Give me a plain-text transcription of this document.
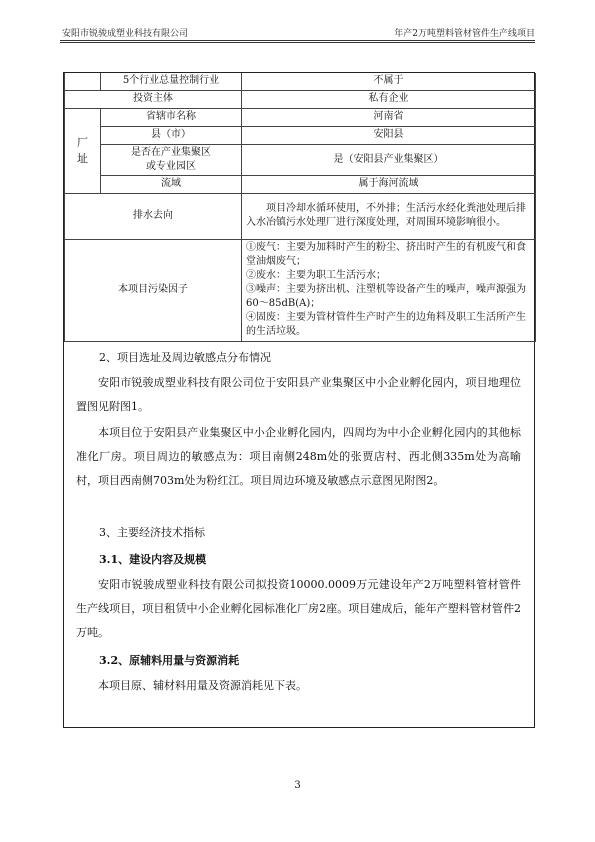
安阳市锐骏成塑业科技有限公司	年产2万吨塑料管材管件生产线项目
	5个行业总量控制行业	不属于
投资主体		私有企业
厂址	省辖市名称	河南省
	县（市）	安阳县
	是否在产业集聚区
或专业园区	是（安阳县产业集聚区）
	流域	属于海河流域
排水去向		项目冷却水循环使用，不外排；生活污水经化粪池处理后排入水冶镇污水处理厂进行深度处理，对周围环境影响很小。
本项目污染因子		①废气：主要为加料时产生的粉尘、挤出时产生的有机废气和食堂油烟废气；
②废水：主要为职工生活污水；
③噪声：主要为挤出机、注塑机等设备产生的噪声，噪声源强为60～85dB(A)；
④固废：主要为管材管件生产时产生的边角料及职工生活所产生的生活垃圾。
2、项目选址及周边敏感点分布情况

安阳市锐骏成塑业科技有限公司位于安阳县产业集聚区中小企业孵化园内，项目地理位置图见附图1。

本项目位于安阳县产业集聚区中小企业孵化园内，四周均为中小企业孵化园内的其他标准化厂房。项目周边的敏感点为：项目南侧248m处的张贾店村、西北侧335m处为高喻村，项目西南侧703m处为粉红江。项目周边环境及敏感点示意图见附图2。

3、主要经济技术指标
3.1、建设内容及规模

安阳市锐骏成塑业科技有限公司拟投资10000.0009万元建设年产2万吨塑料管材管件生产线项目，项目租赁中小企业孵化园标准化厂房2座。项目建成后，能年产塑料管材管件2万吨。

3.2、原辅料用量与资源消耗

本项目原、辅材料用量及资源消耗见下表。

3
